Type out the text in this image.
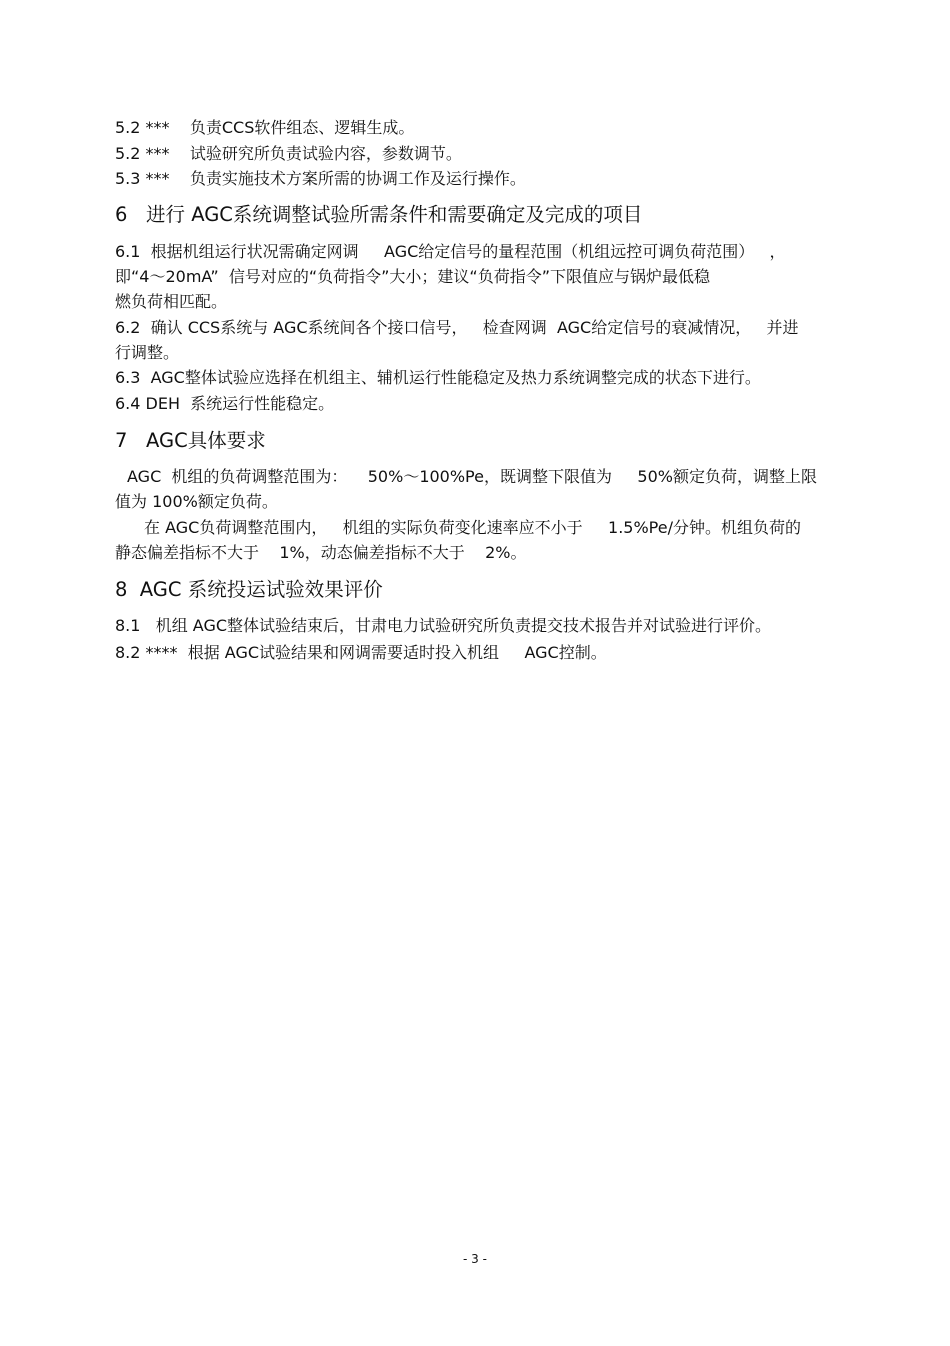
5.2 ***    负责CCS软件组态、逻辑生成。
5.2 ***    试验研究所负责试验内容，参数调节。
5.3 ***    负责实施技术方案所需的协调工作及运行操作。
6   进行 AGC系统调整试验所需条件和需要确定及完成的项目
6.1  根据机组运行状况需确定网调     AGC给定信号的量程范围（机组远控可调负荷范围）   ，
即“4～20mA”  信号对应的“负荷指令”大小；建议“负荷指令”下限值应与锅炉最低稳
燃负荷相匹配。
6.2  确认 CCS系统与 AGC系统间各个接口信号，   检查网调  AGC给定信号的衰减情况，   并进
行调整。
6.3  AGC整体试验应选择在机组主、辅机运行性能稳定及热力系统调整完成的状态下进行。
6.4 DEH  系统运行性能稳定。
7   AGC具体要求
AGC  机组的负荷调整范围为：    50%～100%Pe，既调整下限值为     50%额定负荷，调整上限
值为 100%额定负荷。
在 AGC负荷调整范围内，   机组的实际负荷变化速率应不小于     1.5%Pe/分钟。机组负荷的
静态偏差指标不大于    1%，动态偏差指标不大于    2%。
8  AGC 系统投运试验效果评价
8.1   机组 AGC整体试验结束后，甘肃电力试验研究所负责提交技术报告并对试验进行评价。
8.2 ****  根据 AGC试验结果和网调需要适时投入机组     AGC控制。
- 3 -
